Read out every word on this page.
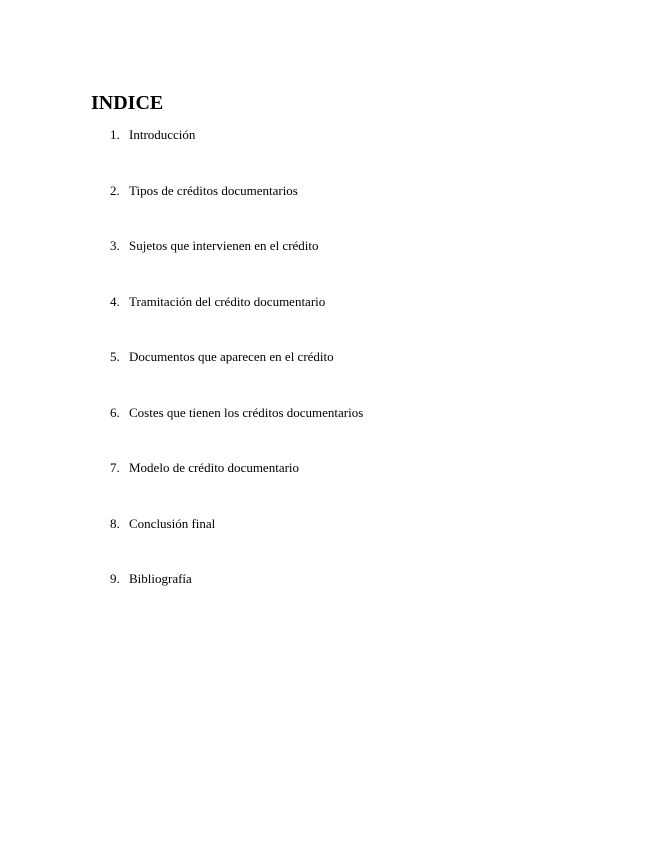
INDICE
1. Introducción
2. Tipos de créditos documentarios
3. Sujetos que intervienen en el crédito
4. Tramitación del crédito documentario
5. Documentos que aparecen en el crédito
6. Costes que tienen los créditos documentarios
7. Modelo de crédito documentario
8. Conclusión final
9. Bibliografía
